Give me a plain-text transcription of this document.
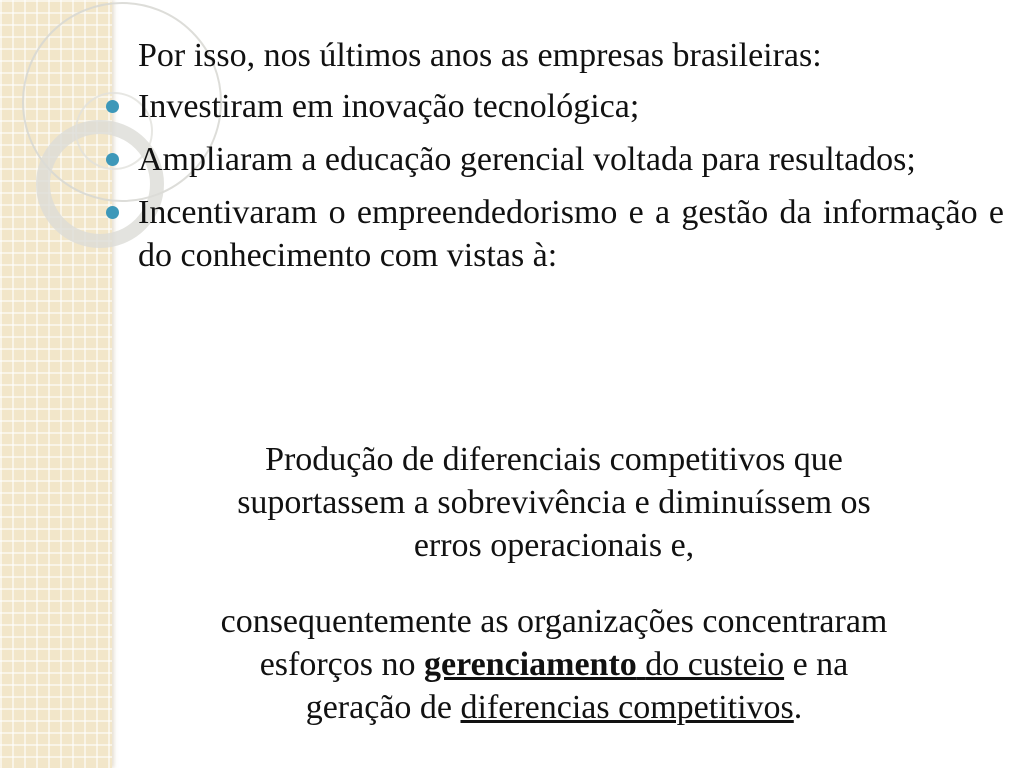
Por isso, nos últimos anos as empresas brasileiras:

Investiram em inovação tecnológica;
Ampliaram a educação gerencial voltada para resultados;
Incentivaram o empreendedorismo e a gestão da informação e do conhecimento com vistas à:
Produção de diferenciais competitivos que
suportassem a sobrevivência e diminuíssem os
erros operacionais e,
consequentemente as organizações concentraram
esforços no gerenciamento do custeio e na
geração de diferencias competitivos.
